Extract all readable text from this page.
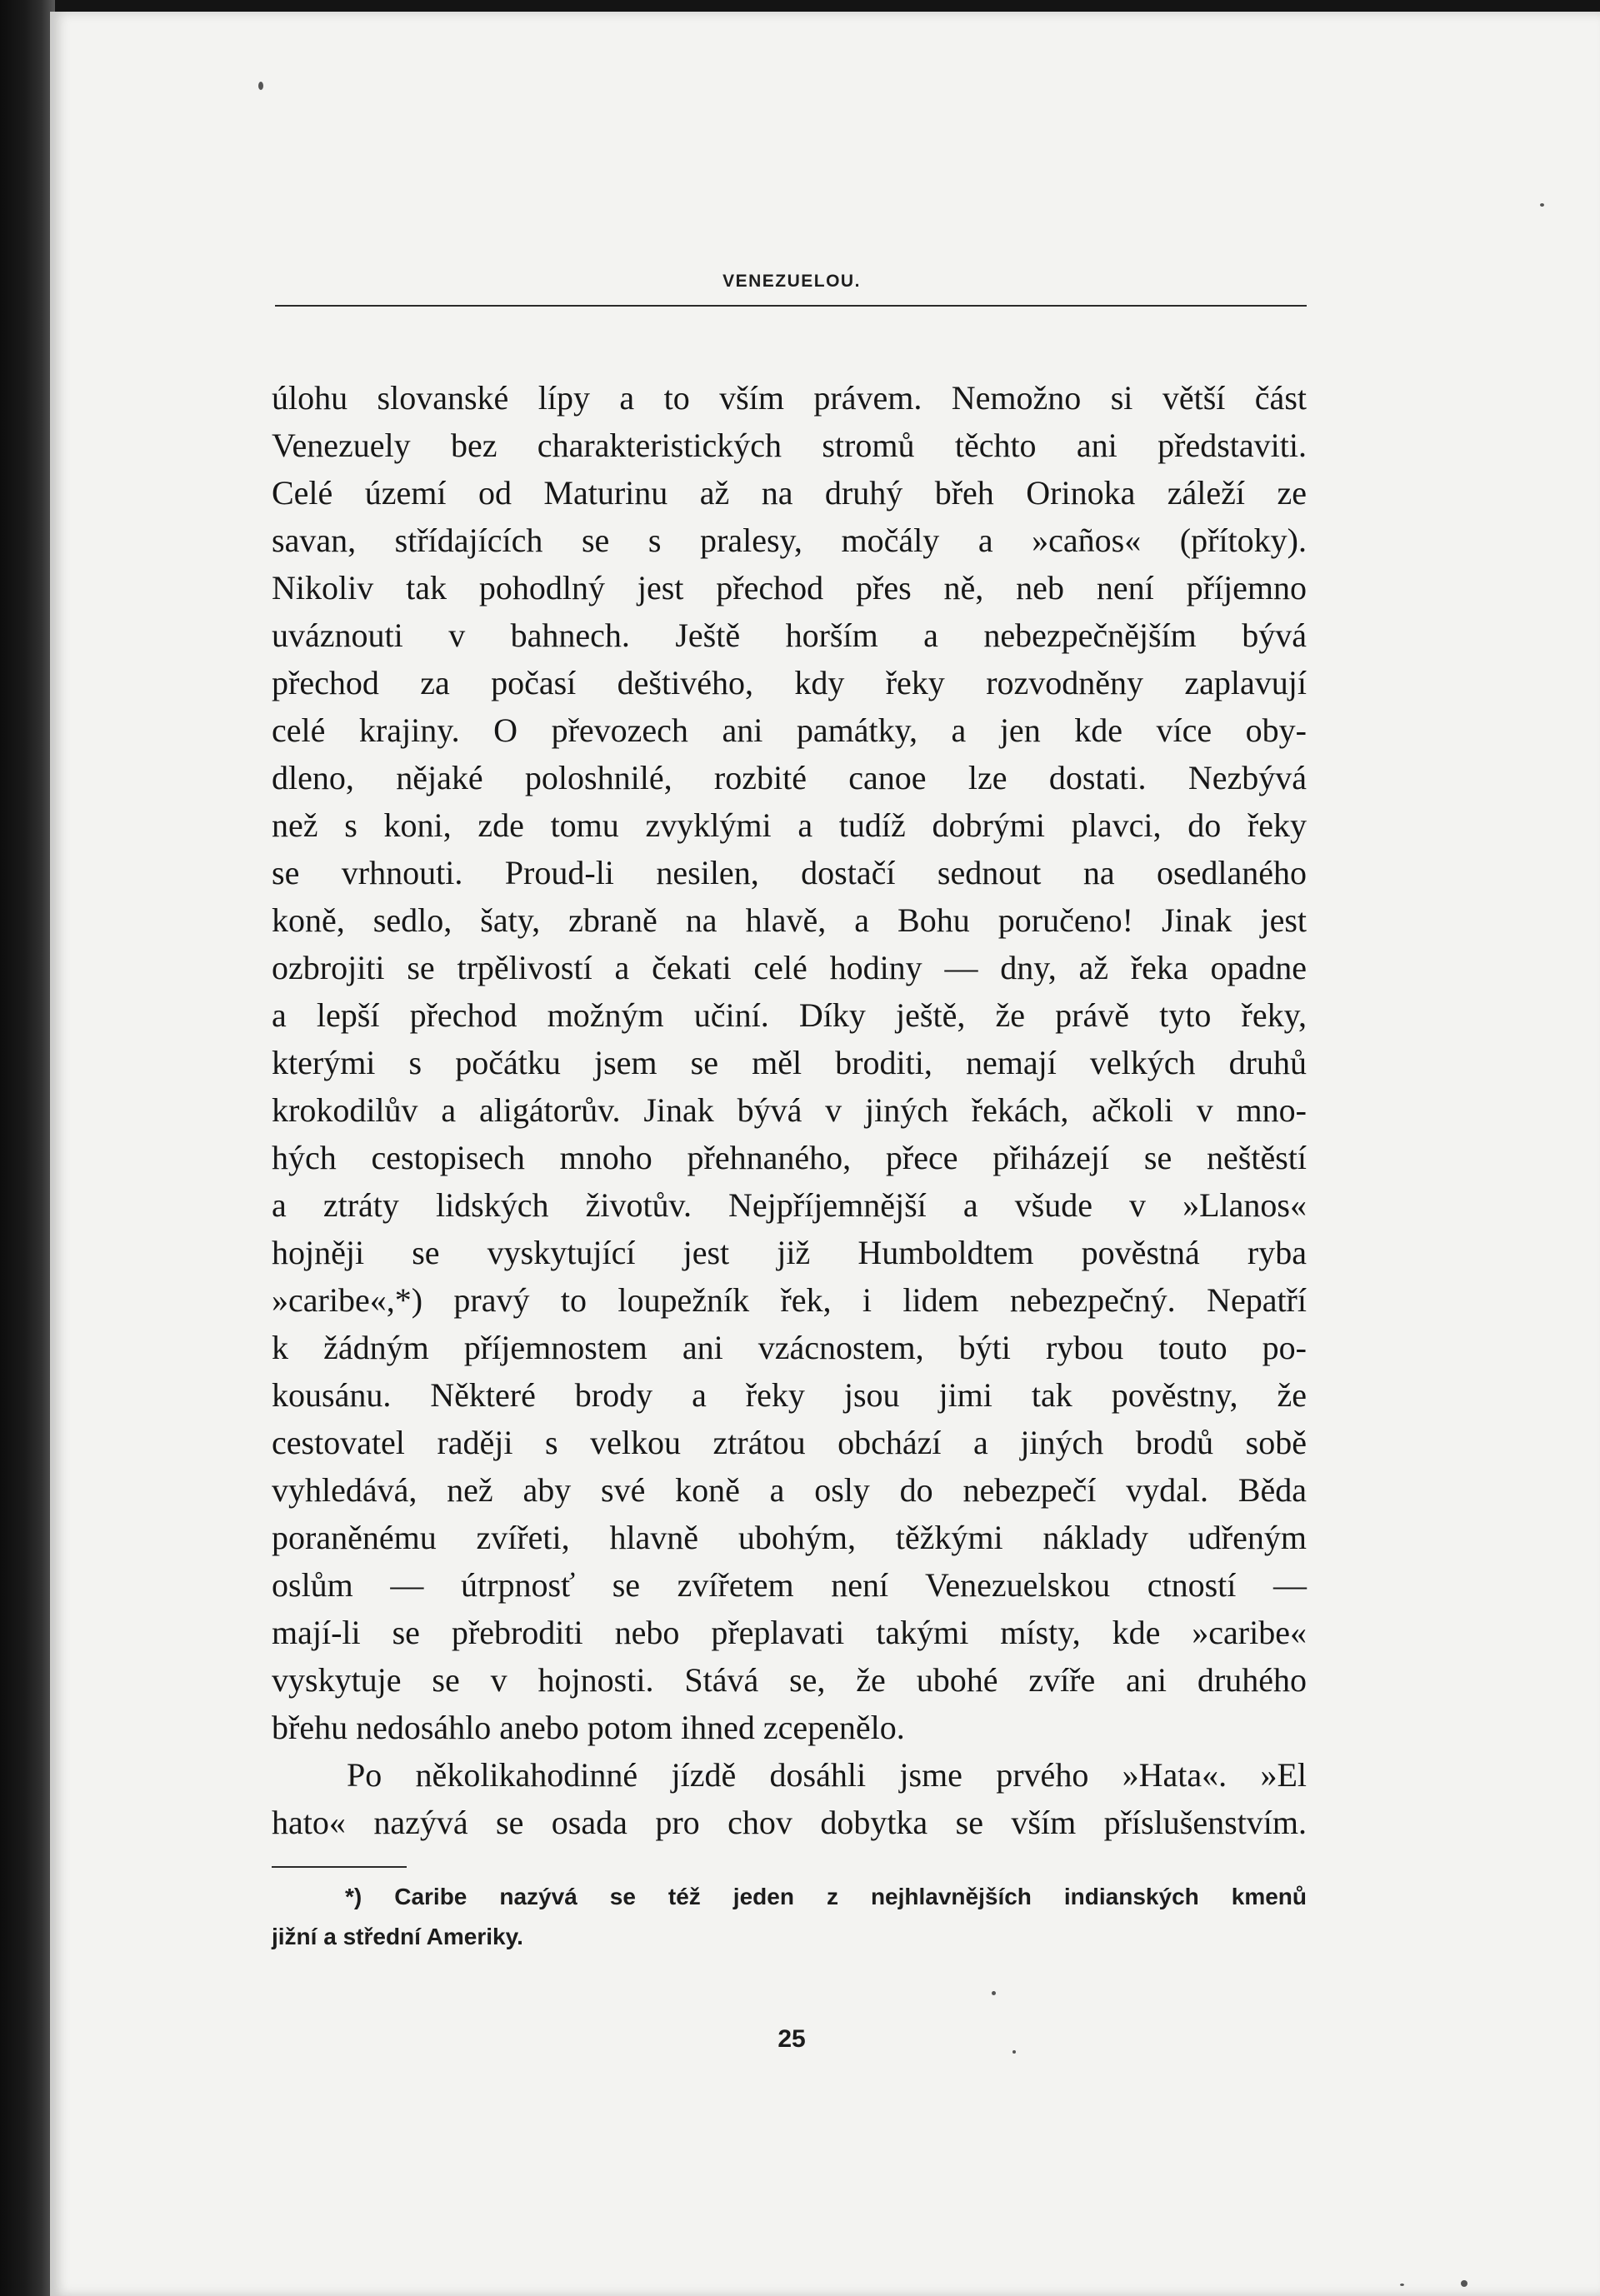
VENEZUELOU.
úlohu slovanské lípy a to vším právem. Nemožno si větší část
Venezuely bez charakteristických stromů těchto ani představiti.
Celé území od Maturinu až na druhý břeh Orinoka záleží ze
savan, střídajících se s pralesy, močály a »caños« (přítoky).
Nikoliv tak pohodlný jest přechod přes ně, neb není příjemno
uváznouti v bahnech. Ještě horším a nebezpečnějším bývá
přechod za počasí deštivého, kdy řeky rozvodněny zaplavují
celé krajiny. O převozech ani památky, a jen kde více oby-
dleno, nějaké poloshnilé, rozbité canoe lze dostati. Nezbývá
než s koni, zde tomu zvyklými a tudíž dobrými plavci, do řeky
se vrhnouti. Proud-li nesilen, dostačí sednout na osedlaného
koně, sedlo, šaty, zbraně na hlavě, a Bohu poručeno! Jinak jest
ozbrojiti se trpělivostí a čekati celé hodiny — dny, až řeka opadne
a lepší přechod možným učiní. Díky ještě, že právě tyto řeky,
kterými s počátku jsem se měl broditi, nemají velkých druhů
krokodilův a aligátorův. Jinak bývá v jiných řekách, ačkoli v mno-
hých cestopisech mnoho přehnaného, přece přiházejí se neštěstí
a ztráty lidských životův. Nejpříjemnější a všude v »Llanos«
hojněji se vyskytující jest již Humboldtem pověstná ryba
»caribe«,*) pravý to loupežník řek, i lidem nebezpečný. Nepatří
k žádným příjemnostem ani vzácnostem, býti rybou touto po-
kousánu. Některé brody a řeky jsou jimi tak pověstny, že
cestovatel raději s velkou ztrátou obchází a jiných brodů sobě
vyhledává, než aby své koně a osly do nebezpečí vydal. Běda
poraněnému zvířeti, hlavně ubohým, těžkými náklady udřeným
oslům — útrpnosť se zvířetem není Venezuelskou ctností —
mají-li se přebroditi nebo přeplavati takými místy, kde »caribe«
vyskytuje se v hojnosti. Stává se, že ubohé zvíře ani druhého
břehu nedosáhlo anebo potom ihned zcepenělo.
Po několikahodinné jízdě dosáhli jsme prvého »Hata«. »El
hato« nazývá se osada pro chov dobytka se vším příslušenstvím.
*) Caribe nazývá se též jeden z nejhlavnějších indianských kmenů
jižní a střední Ameriky.
25
